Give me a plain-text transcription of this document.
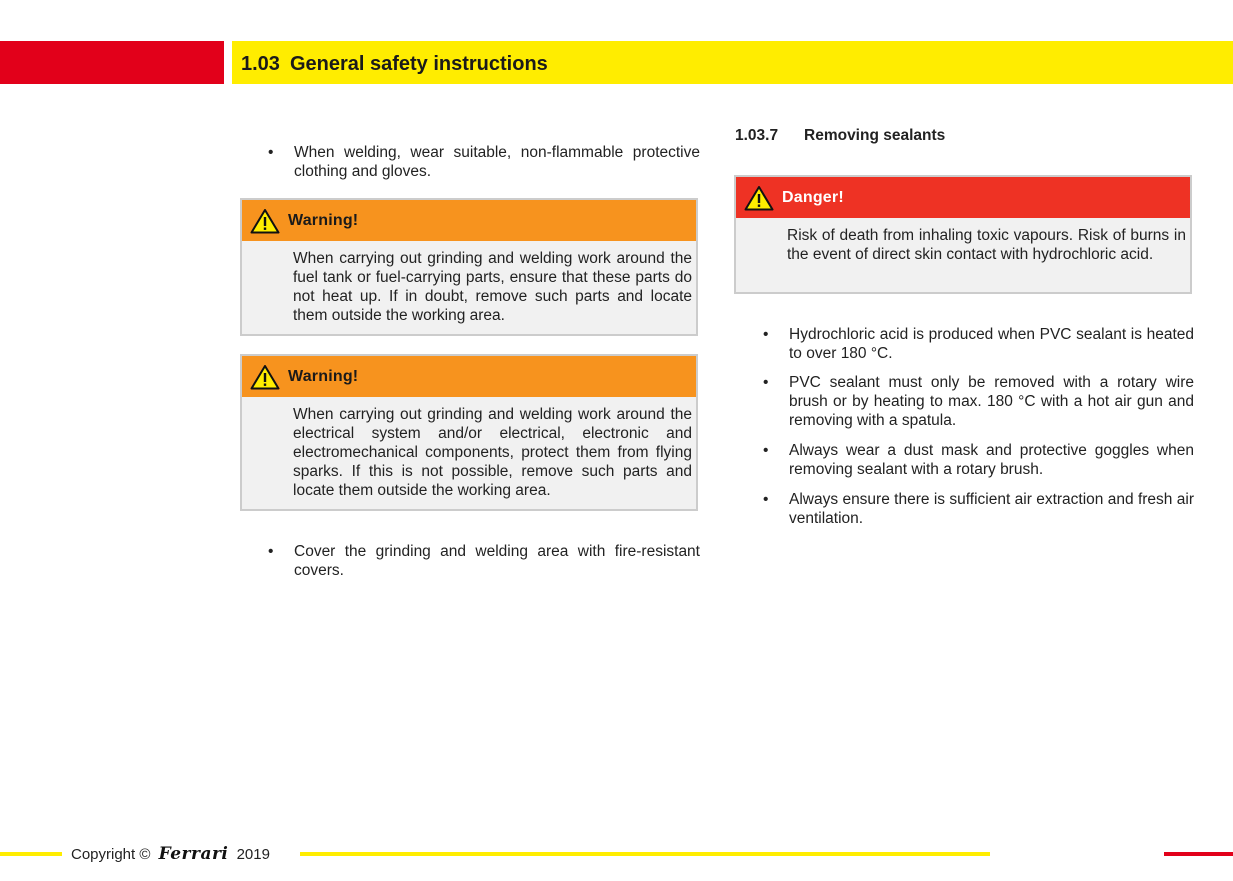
1.03 General safety instructions
• When welding, wear suitable, non-flammable protective clothing and gloves.
Warning!
When carrying out grinding and welding work around the fuel tank or fuel-carrying parts, ensure that these parts do not heat up. If in doubt, remove such parts and locate them outside the working area.
Warning!
When carrying out grinding and welding work around the electrical system and/or electrical, electronic and electromechanical components, protect them from flying sparks. If this is not possible, remove such parts and locate them outside the working area.
• Cover the grinding and welding area with fire-resistant covers.
1.03.7 Removing sealants
Danger!
Risk of death from inhaling toxic vapours. Risk of burns in the event of direct skin contact with hydrochloric acid.
• Hydrochloric acid is produced when PVC sealant is heated to over 180 °C.
• PVC sealant must only be removed with a rotary wire brush or by heating to max. 180 °C with a hot air gun and removing with a spatula.
• Always wear a dust mask and protective goggles when removing sealant with a rotary brush.
• Always ensure there is sufficient air extraction and fresh air ventilation.
Copyright © Ferrari 2019
